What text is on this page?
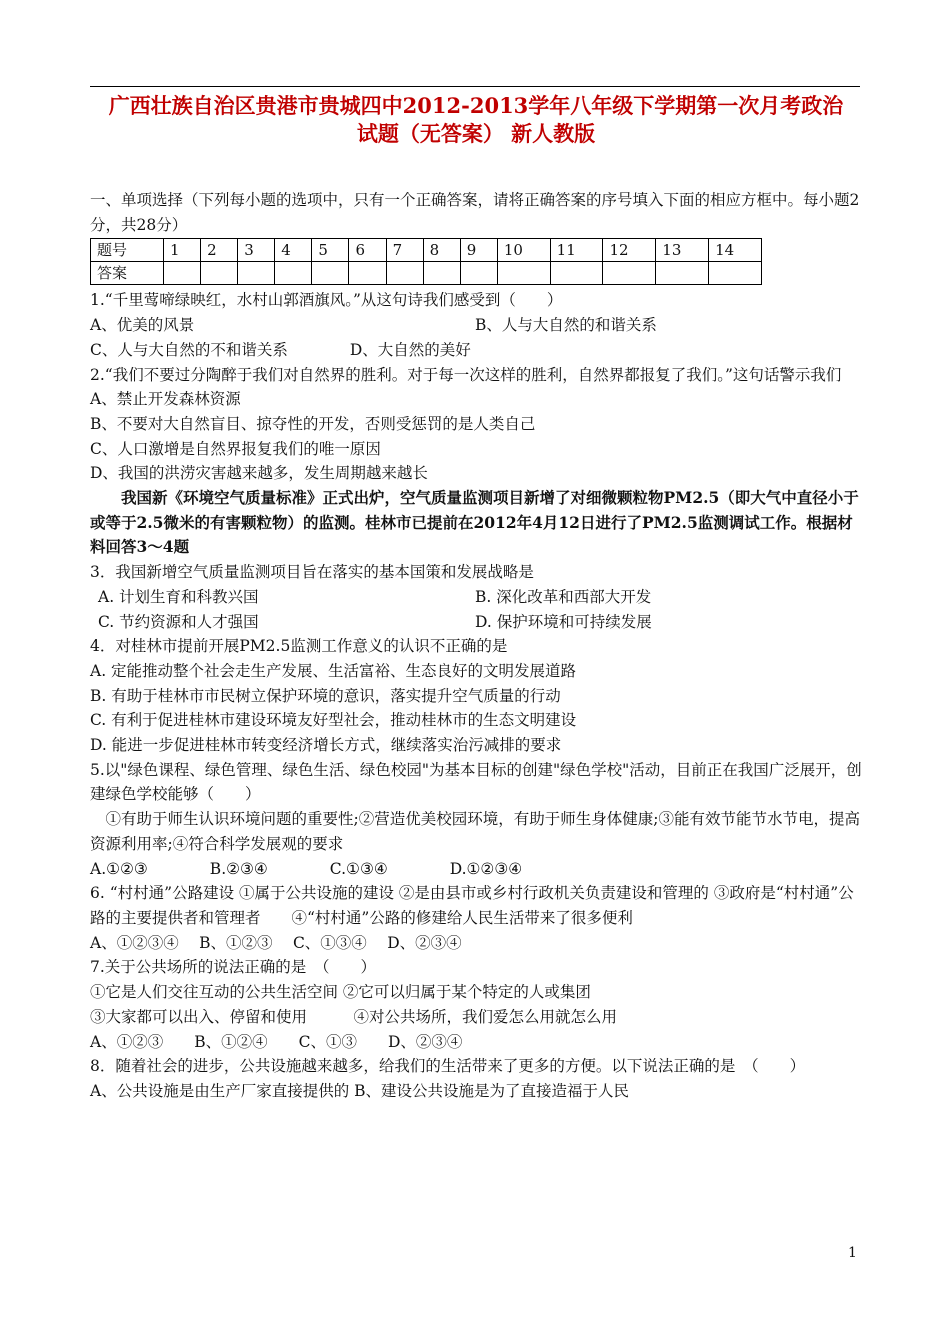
广西壮族自治区贵港市贵城四中2012-2013学年八年级下学期第一次月考政治
试题（无答案） 新人教版

一、单项选择（下列每小题的选项中，只有一个正确答案，请将正确答案的序号填入下面的相应方框中。每小题2分，共28分）

题号	1	2	3	4	5	6	7	8	9	10	11	12	13	14
答案														

1.“千里莺啼绿映红，水村山郭酒旗风。”从这句诗我们感受到（　　）

A、优美的风景	B、人与大自然的和谐关系

C、人与大自然的不和谐关系　　　　D、大自然的美好

2.“我们不要过分陶醉于我们对自然界的胜利。对于每一次这样的胜利，自然界都报复了我们。”这句话警示我们

A、禁止开发森林资源

B、不要对大自然盲目、掠夺性的开发，否则受惩罚的是人类自己

C、人口激增是自然界报复我们的唯一原因

D、我国的洪涝灾害越来越多，发生周期越来越长

我国新《环境空气质量标准》正式出炉，空气质量监测项目新增了对细微颗粒物PM2.5（即大气中直径小于或等于2.5微米的有害颗粒物）的监测。桂林市已提前在2012年4月12日进行了PM2.5监测调试工作。根据材料回答3～4题

3．我国新增空气质量监测项目旨在落实的基本国策和发展战略是

A. 计划生育和科教兴国	B. 深化改革和西部大开发
C. 节约资源和人才强国	D. 保护环境和可持续发展

4．对桂林市提前开展PM2.5监测工作意义的认识不正确的是

A. 定能推动整个社会走生产发展、生活富裕、生态良好的文明发展道路

B. 有助于桂林市市民树立保护环境的意识，落实提升空气质量的行动

C. 有利于促进桂林市建设环境友好型社会，推动桂林市的生态文明建设

D. 能进一步促进桂林市转变经济增长方式，继续落实治污减排的要求

5.以"绿色课程、绿色管理、绿色生活、绿色校园"为基本目标的创建"绿色学校"活动，目前正在我国广泛展开，创建绿色学校能够（　　）

①有助于师生认识环境问题的重要性;②营造优美校园环境，有助于师生身体健康;③能有效节能节水节电，提高资源利用率;④符合科学发展观的要求

A.①②③　　　　B.②③④　　　　C.①③④　　　　D.①②③④

6. “村村通”公路建设 ①属于公共设施的建设 ②是由县市或乡村行政机关负责建设和管理的 ③政府是“村村通”公路的主要提供者和管理者　　④“村村通”公路的修建给人民生活带来了很多便利

A、①②③④　 B、①②③　 C、①③④　 D、②③④

7.关于公共场所的说法正确的是　（　　）

①它是人们交往互动的公共生活空间 ②它可以归属于某个特定的人或集团

③大家都可以出入、停留和使用　　　④对公共场所，我们爱怎么用就怎么用

A、①②③　　B、①②④　　C、①③　　D、②③④

8．随着社会的进步，公共设施越来越多，给我们的生活带来了更多的方便。以下说法正确的是　（　　）

A、公共设施是由生产厂家直接提供的 B、建设公共设施是为了直接造福于人民

1
